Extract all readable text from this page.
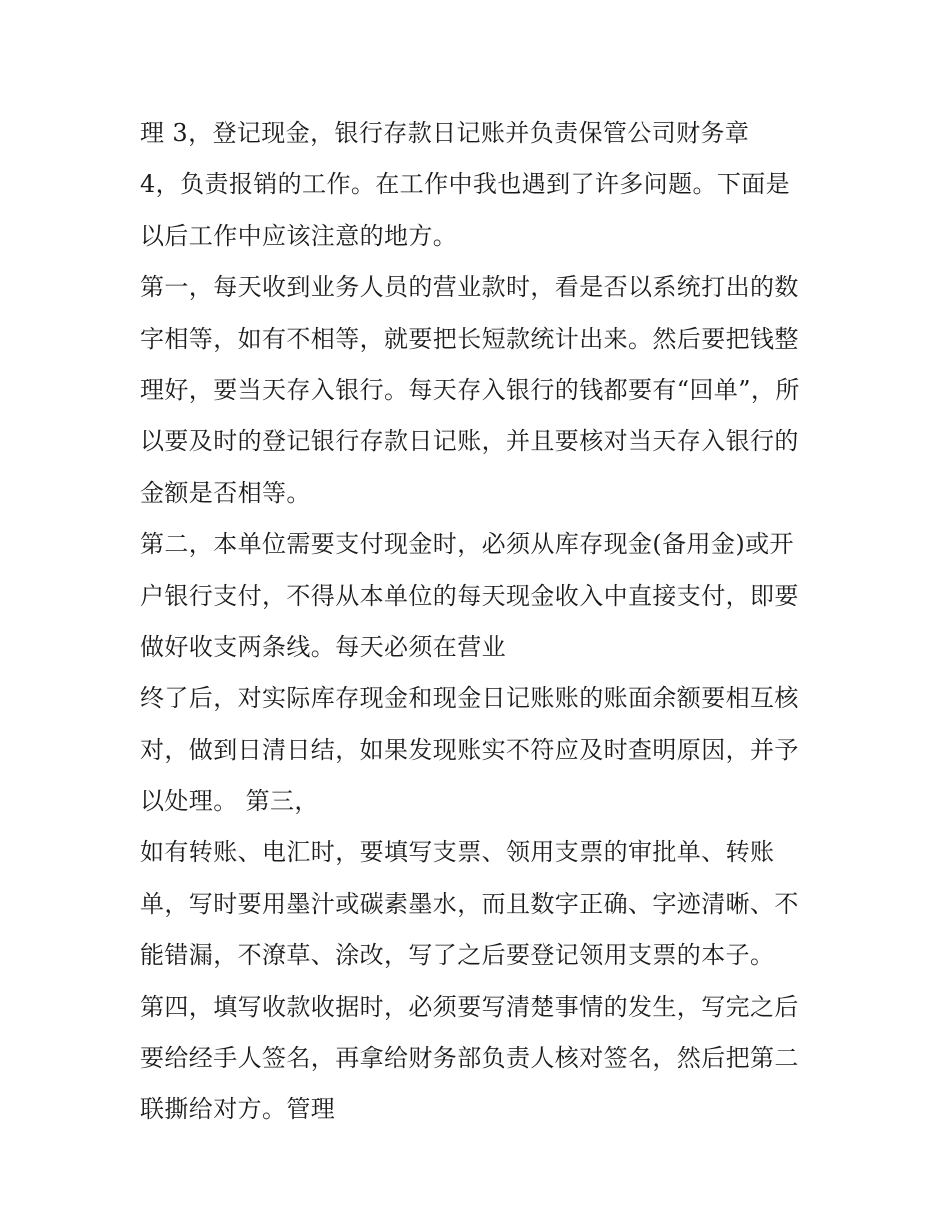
理 3，登记现金，银行存款日记账并负责保管公司财务章
4，负责报销的工作。在工作中我也遇到了许多问题。下面是
以后工作中应该注意的地方。
第一，每天收到业务人员的营业款时，看是否以系统打出的数
字相等，如有不相等，就要把长短款统计出来。然后要把钱整
理好，要当天存入银行。每天存入银行的钱都要有“回单”，所
以要及时的登记银行存款日记账，并且要核对当天存入银行的
金额是否相等。
第二，本单位需要支付现金时，必须从库存现金(备用金)或开
户银行支付，不得从本单位的每天现金收入中直接支付，即要
做好收支两条线。每天必须在营业
终了后，对实际库存现金和现金日记账账的账面余额要相互核
对，做到日清日结，如果发现账实不符应及时查明原因，并予
以处理。 第三，
如有转账、电汇时，要填写支票、领用支票的审批单、转账
单，写时要用墨汁或碳素墨水，而且数字正确、字迹清晰、不
能错漏，不潦草、涂改，写了之后要登记领用支票的本子。
第四，填写收款收据时，必须要写清楚事情的发生，写完之后
要给经手人签名，再拿给财务部负责人核对签名，然后把第二
联撕给对方。管理
